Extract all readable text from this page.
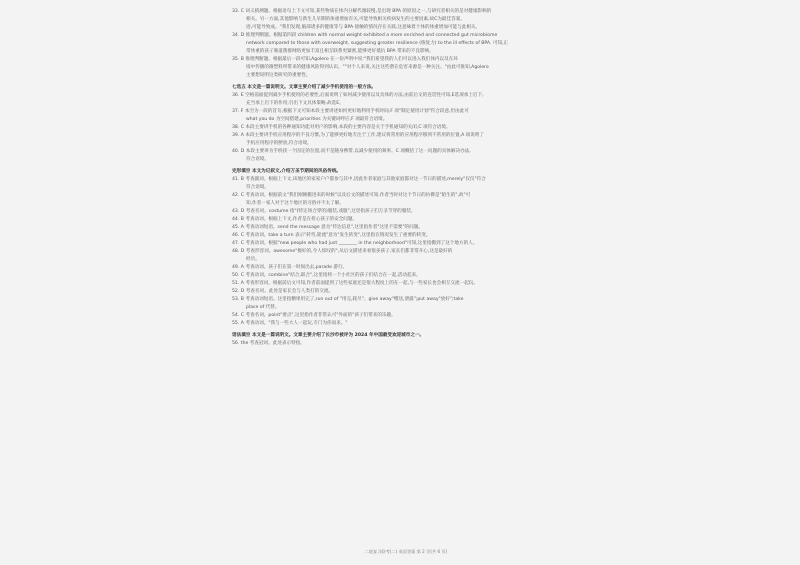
33. C 词义猜测题。根据语句上下文可知,某些物质在体内分解代谢较慢,是出现 BPA 的原因之一,与研究者相关的是对健康影响的
相关。另一方面,其他影响与新生儿早期的体重增加有关,可能导致相关疾病发生的主要因素,故C为最佳答案。
迹,可能导致成。"我们发现,脑部诸多的健康等与 BPA 接触的情况存在关联,这意味着个体的体重增加可能与此相关。
34. D 推理判断题。根据第四段 children with normal weight exhibited a more enriched and connected gut microbiome
network compared to those with overweight, suggesting greater resilience (恢复力) to the ill effects of BPA. 可知,正
常体重的孩子肠道菌群网络更加丰富且相互联系更紧密,能够更好抵抗 BPA 带来的不良影响。
35. B 推理判断题。根据最后一段可知,Agolero 在一份声明中说:"我们希望我的人们可以进入我们体内以及在环
境中传播的微塑料所带来的健康风险得到认识。""对个人来说,关注这些潜在危害来源是一种关注。"由此可推知,Agolero
主要想说明这类研究的重要性。
七选五 本文是一篇说明文。文章主要介绍了减少手机使用的一般方法。
36. E 空格前面提到减少手机使用的必要性,后面说明了如何减少使用以及具体的方法,由前后文的连贯性可知,E选项承上启下,
充当承上启下的作用,引出下文具体策略,故选E。
37. F 本空为一段的首句,根据下文可知本段主要讲述如何更好地利用手机时间,F 项"制定使用计划"符合段意,但由此可
what you do 为空间搭建,priorities 为关键词呼应,F 项最符合语境。
38. C 本段主要讲手机的各种通知功能对用户的影响,本段的主要内容是关于手机通知的关闭,C 项符合语境。
39. A 本段主要讲手机应用程序的不良习惯,为了能够更好地专注于工作,建议将常用的应用程序移到不常用的位置,A 项说明了
手机应用程序的摆放,符合语境。
40. D 本段主要讲为手机找一个固定的位置,而不是随身携带,以减少使用的频率。C 项概括了这一问题的具体解决办法,
符合语境。
完形填空 本文为记叙文,介绍万圣节期间的风俗传统。
41. B 考查副词。根据上下文,该地区的家家户户都参与其中,因此作者家庭与其他家庭都对这一节日的描述,merely"仅仅"符合
符合语境。
42. C 考查动词。根据前文"我们刚刚搬进来的时候"以及后文的描述可知,作者当时对这个节日的仿佛是"陌生的",故"可
知,作者一家人对于这个地区的习俗并不太了解。
43. D 考查名词。costume 指"(特定场合穿的)服装,戏服",这里指孩子们万圣节穿的服装。
44. B 考查动词。根据上下文,作者是在担心孩子的安全问题。
45. A 考查动词短语。send the message 意为"传达信息",这里指作者"这里不需要"的问题。
46. C 考查动词。take a turn 表示"转弯,轮流"意为"发生转变",这里指在情况发生了重要的转变。
47. C 考查动词。根据"new people who had just ________ in the neighborhood"可知,这里指搬到了这个地方的人。
48. D 考查形容词。awesome"极好的,令人惊叹的",从后文描述来看很多孩子,家长们都非常开心,这是最好的
经历。
49. A 考查动词。孩子们在第一时间出去,parade 游行。
50. C 考查动词。combine"结合,联合",这里指将一个小社区的孩子们结合在一起,活动起来。
51. A 考查形容词。根据前后文可知,作者前面提到了这些家庭还是很大程度上的在一起,与一些家长也会相互交流一起玩。
52. D 考查名词。此处是家长会与人类打的交流。
53. B 考查动词短语。这里指糖果用完了,run out of "用完,耗尽"。give away"赠送,泄露";put away"放好";take
place of 代替。
54. C 考查名词。point"要点",这里指作者非常认可"外面的"孩子们带来的乐趣。
55. A 考查动词。"我与一些大人一起玩,专门为你而来。"
语法填空 本文是一篇说明文。文章主要介绍了长沙市被评为 2024 年中国最受欢迎城市之一。
56. the 考查冠词。此处表示特指。
二轮复习联考(二) 英语答案 第 2 页(共 6 页)
